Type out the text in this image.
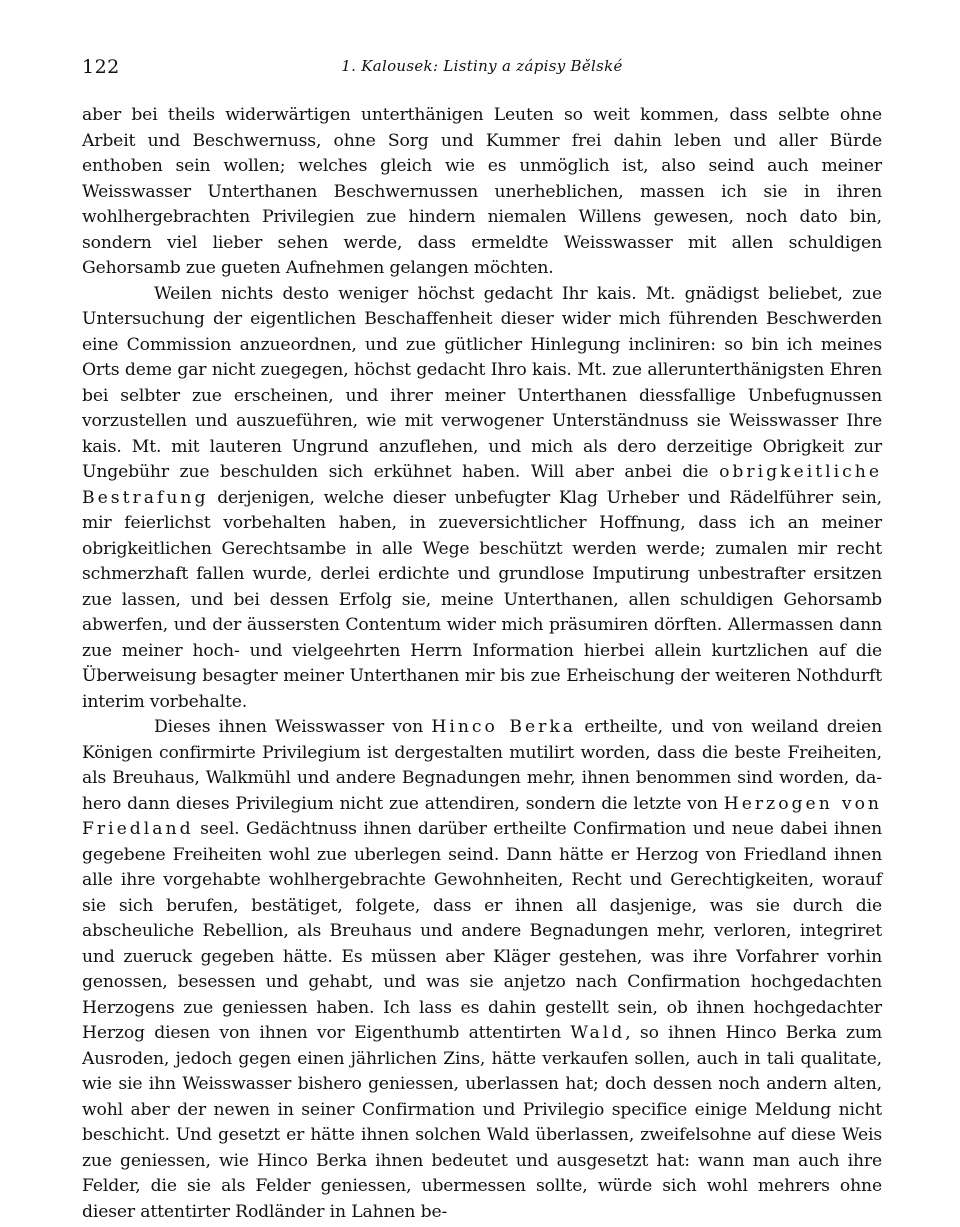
122	1. Kalousek: Listiny a zápisy Bělské

aber bei theils widerwärtigen unterthänigen Leuten so weit kommen, dass selbte ohne Arbeit und Beschwernuss, ohne Sorg und Kummer frei dahin leben und aller Bürde enthoben sein wollen; welches gleich wie es unmöglich ist, also seind auch meiner Weisswasser Unterthanen Beschwernussen unerheblichen, massen ich sie in ihren wohlhergebrachten Privilegien zue hindern niemalen Willens gewesen, noch dato bin, sondern viel lieber sehen werde, dass ermeldte Weisswasser mit allen schuldigen Gehorsamb zue gueten Aufnehmen gelangen möchten.

Weilen nichts desto weniger höchst gedacht Ihr kais. Mt. gnädigst beliebet, zue Untersuchung der eigentlichen Beschaffenheit dieser wider mich führenden Beschwerden eine Commission anzueordnen, und zue gütlicher Hinlegung incliniren: so bin ich meines Orts deme gar nicht zuegegen, höchst gedacht Ihro kais. Mt. zue allerunterthänigsten Ehren bei selbter zue erscheinen, und ihrer meiner Unterthanen diessfallige Unbefugnussen vorzustellen und auszueführen, wie mit verwogener Unterständnuss sie Weisswasser Ihre kais. Mt. mit lauteren Ungrund anzuflehen, und mich als dero derzeitige Obrigkeit zur Ungebühr zue beschulden sich erkühnet haben. Will aber anbei die obrigkeitliche Bestrafung derjenigen, welche dieser unbefugter Klag Urheber und Rädelführer sein, mir feierlichst vorbehalten haben, in zueversichtlicher Hoffnung, dass ich an meiner obrigkeitlichen Gerechtsambe in alle Wege beschützt werden werde; zumalen mir recht schmerzhaft fallen wurde, derlei erdichte und grundlose Imputirung unbestrafter ersitzen zue lassen, und bei dessen Erfolg sie, meine Unterthanen, allen schuldigen Gehorsamb abwerfen, und der äussersten Contentum wider mich präsumiren dörften. Allermassen dann zue meiner hoch- und vielgeehrten Herrn Information hierbei allein kurtzlichen auf die Überweisung besagter meiner Unterthanen mir bis zue Erheischung der weiteren Nothdurft interim vorbehalte.

Dieses ihnen Weisswasser von Hinco Berka ertheilte, und von weiland dreien Königen confirmirte Privilegium ist dergestalten mutilirt worden, dass die beste Freiheiten, als Breuhaus, Walkmühl und andere Begnadungen mehr, ihnen benommen sind worden, dahero dann dieses Privilegium nicht zue attendiren, sondern die letzte von Herzogen von Friedland seel. Gedächtnuss ihnen darüber ertheilte Confirmation und neue dabei ihnen gegebene Freiheiten wohl zue uberlegen seind. Dann hätte er Herzog von Friedland ihnen alle ihre vorgehabte wohlhergebrachte Gewohnheiten, Recht und Gerechtigkeiten, worauf sie sich berufen, bestätiget, folgete, dass er ihnen all dasjenige, was sie durch die abscheuliche Rebellion, als Breuhaus und andere Begnadungen mehr, verloren, integriret und zueruck gegeben hätte. Es müssen aber Kläger gestehen, was ihre Vorfahrer vorhin genossen, besessen und gehabt, und was sie anjetzo nach Confirmation hochgedachten Herzogens zue geniessen haben. Ich lass es dahin gestellt sein, ob ihnen hochgedachter Herzog diesen von ihnen vor Eigenthumb attentirten Wald, so ihnen Hinco Berka zum Ausroden, jedoch gegen einen jährlichen Zins, hätte verkaufen sollen, auch in tali qualitate, wie sie ihn Weisswasser bishero geniessen, uberlassen hat; doch dessen noch andern alten, wohl aber der newen in seiner Confirmation und Privilegio specifice einige Meldung nicht beschicht. Und gesetzt er hätte ihnen solchen Wald überlassen, zweifelsohne auf diese Weis zue geniessen, wie Hinco Berka ihnen bedeutet und ausgesetzt hat: wann man auch ihre Felder, die sie als Felder geniessen, ubermessen sollte, würde sich wohl mehrers ohne dieser attentirter Rodländer in Lahnen be-
